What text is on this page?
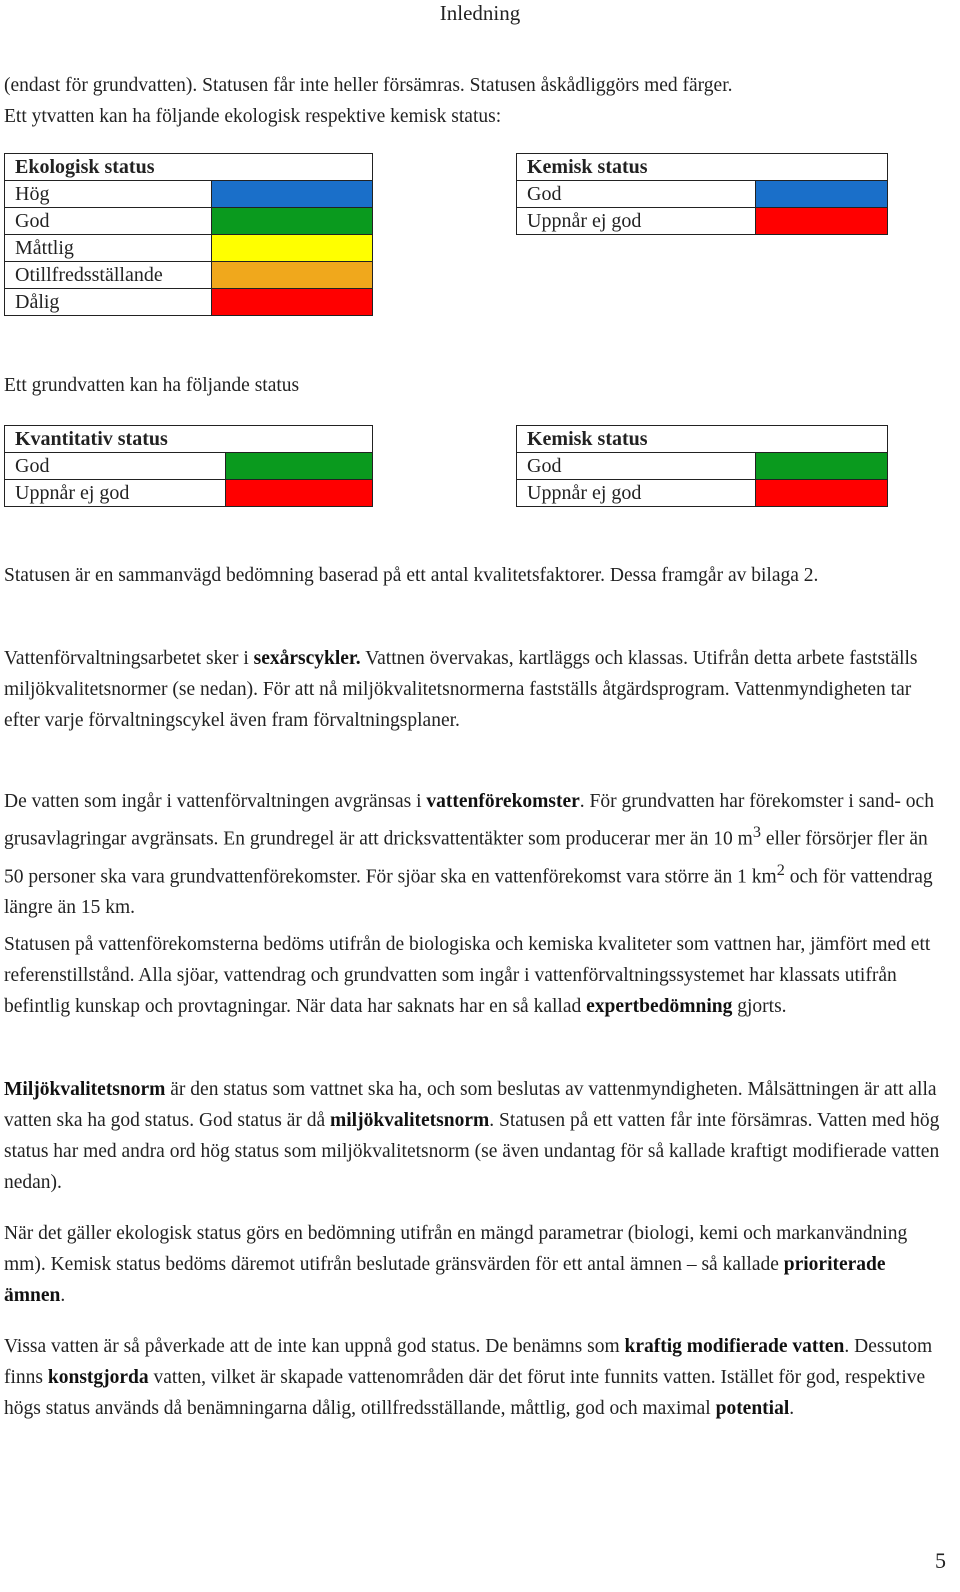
Inledning

(endast för grundvatten). Statusen får inte heller försämras. Statusen åskådliggörs med färger.
Ett ytvatten kan ha följande ekologisk respektive kemisk status:

Ekologisk status	
Hög	
God	
Måttlig	
Otillfredsställande	
Dålig	
Kemisk status	
God	
Uppnår ej god	

Ett grundvatten kan ha följande status

Kvantitativ status	
God	
Uppnår ej god	
Kemisk status	
God	
Uppnår ej god	

Statusen är en sammanvägd bedömning baserad på ett antal kvalitetsfaktorer. Dessa framgår av bilaga 2.

Vattenförvaltningsarbetet sker i sexårscykler. Vattnen övervakas, kartläggs och klassas. Utifrån detta arbete fastställs miljökvalitetsnormer (se nedan). För att nå miljökvalitetsnormerna fastställs åtgärdsprogram. Vattenmyndigheten tar efter varje förvaltningscykel även fram förvaltningsplaner.

De vatten som ingår i vattenförvaltningen avgränsas i vattenförekomster. För grundvatten har förekomster i sand- och grusavlagringar avgränsats. En grundregel är att dricksvattentäkter som producerar mer än 10 $m^3$ eller försörjer fler än 50 personer ska vara grundvattenförekomster. För sjöar ska en vattenförekomst vara större än 1 $km^2$ och för vattendrag längre än 15 km.

Statusen på vattenförekomsterna bedöms utifrån de biologiska och kemiska kvaliteter som vattnen har, jämfört med ett referenstillstånd. Alla sjöar, vattendrag och grundvatten som ingår i vattenförvaltningssystemet har klassats utifrån befintlig kunskap och provtagningar. När data har saknats har en så kallad expertbedömning gjorts.

Miljökvalitetsnorm är den status som vattnet ska ha, och som beslutas av vattenmyndigheten. Målsättningen är att alla vatten ska ha god status. God status är då miljökvalitetsnorm. Statusen på ett vatten får inte försämras. Vatten med hög status har med andra ord hög status som miljökvalitetsnorm (se även undantag för så kallade kraftigt modifierade vatten nedan).

När det gäller ekologisk status görs en bedömning utifrån en mängd parametrar (biologi, kemi och markanvändning mm). Kemisk status bedöms däremot utifrån beslutade gränsvärden för ett antal ämnen – så kallade prioriterade ämnen.

Vissa vatten är så påverkade att de inte kan uppnå god status. De benämns som kraftig modifierade vatten. Dessutom finns konstgjorda vatten, vilket är skapade vattenområden där det förut inte funnits vatten. Istället för god, respektive högs status används då benämningarna dålig, otillfredsställande, måttlig, god och maximal potential.

5
